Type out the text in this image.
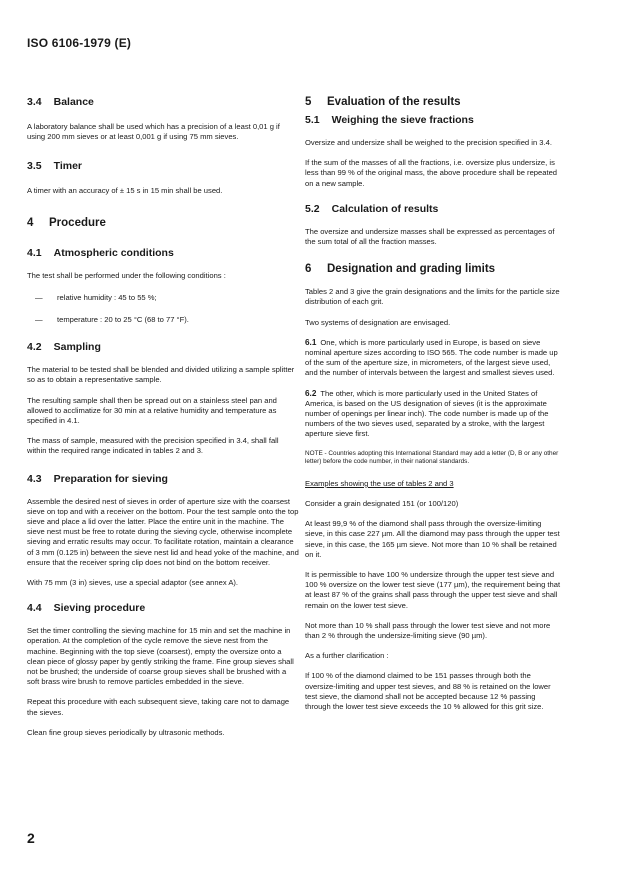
ISO 6106-1979 (E)
3.4 Balance

A laboratory balance shall be used which has a precision of a least 0,01 g if using 200 mm sieves or at least 0,001 g if using 75 mm sieves.

3.5 Timer

A timer with an accuracy of ± 15 s in 15 min shall be used.

4	Procedure
4.1 Atmospheric conditions

The test shall be performed under the following conditions :

— relative humidity : 45 to 55 %;
— temperature : 20 to 25 °C (68 to 77 °F).
4.2 Sampling

The material to be tested shall be blended and divided utilizing a sample splitter so as to obtain a representative sample.

The resulting sample shall then be spread out on a stainless steel pan and allowed to acclimatize for 30 min at a relative humidity and temperature as specified in 4.1.

The mass of sample, measured with the precision specified in 3.4, shall fall within the required range indicated in tables 2 and 3.

4.3 Preparation for sieving

Assemble the desired nest of sieves in order of aperture size with the coarsest sieve on top and with a receiver on the bottom. Pour the test sample onto the top sieve and place a lid over the latter. Place the entire unit in the machine. The sieve nest must be free to rotate during the sieving cycle, otherwise incomplete sieving and erratic results may occur. To facilitate rotation, maintain a clearance of 3 mm (0.125 in) between the sieve nest lid and head yoke of the machine, and ensure that the receiver spring clip does not bind on the bottom receiver.

With 75 mm (3 in) sieves, use a special adaptor (see annex A).

4.4 Sieving procedure

Set the timer controlling the sieving machine for 15 min and set the machine in operation. At the completion of the cycle remove the sieve nest from the machine. Beginning with the top sieve (coarsest), empty the oversize onto a clean piece of glossy paper by gently striking the frame. Fine group sieves shall not be brushed; the underside of coarse group sieves shall be brushed with a soft brass wire brush to remove particles embedded in the sieve.

Repeat this procedure with each subsequent sieve, taking care not to damage the sieves.

Clean fine group sieves periodically by ultrasonic methods.

5	Evaluation of the results
5.1 Weighing the sieve fractions

Oversize and undersize shall be weighed to the precision specified in 3.4.

If the sum of the masses of all the fractions, i.e. oversize plus undersize, is less than 99 % of the original mass, the above procedure shall be repeated on a new sample.

5.2 Calculation of results

The oversize and undersize masses shall be expressed as percentages of the sum total of all the fraction masses.

6	Designation and grading limits

Tables 2 and 3 give the grain designations and the limits for the particle size distribution of each grit.

Two systems of designation are envisaged.

6.1 One, which is more particularly used in Europe, is based on sieve nominal aperture sizes according to ISO 565. The code number is made up of the sum of the aperture size, in micrometers, of the largest sieve used, and the number of intervals between the largest and smallest sieves used.

6.2 The other, which is more particularly used in the United States of America, is based on the US designation of sieves (it is the approximate number of openings per linear inch). The code number is made up of the numbers of the two sieves used, separated by a stroke, with the largest aperture sieve first.

NOTE - Countries adopting this International Standard may add a letter (D, B or any other letter) before the code number, in their national standards.

Examples showing the use of tables 2 and 3

Consider a grain designated 151 (or 100/120)

At least 99,9 % of the diamond shall pass through the oversize-limiting sieve, in this case 227 µm. All the diamond may pass through the upper test sieve, in this case, the 165 µm sieve. Not more than 10 % shall be retained on it.

It is permissible to have 100 % undersize through the upper test sieve and 100 % oversize on the lower test sieve (177 µm), the requirement being that at least 87 % of the grains shall pass through the upper test sieve and shall remain on the lower test sieve.

Not more than 10 % shall pass through the lower test sieve and not more than 2 % through the undersize-limiting sieve (90 µm).

As a further clarification :

If 100 % of the diamond claimed to be 151 passes through both the oversize-limiting and upper test sieves, and 88 % is retained on the lower test sieve, the diamond shall not be accepted because 12 % passing through the lower test sieve exceeds the 10 % allowed for this grit size.

2
